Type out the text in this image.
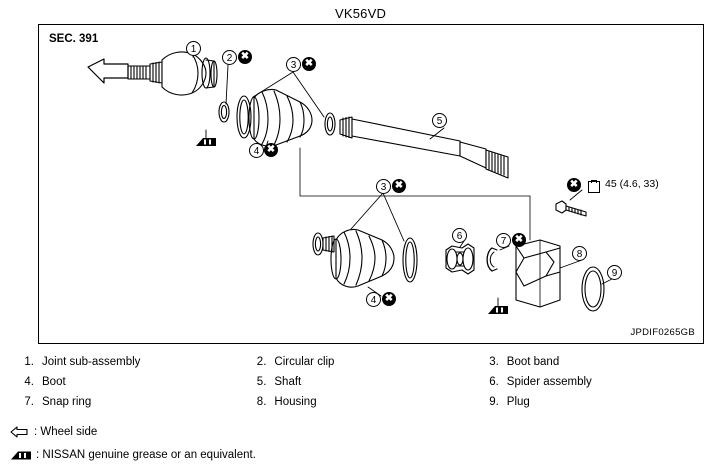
VK56VD
SEC. 391
JPDIF0265GB
1
2
3
5
4
3
6	7
8
9
4
✖
✖
✖
✖
✖
✖
✖	45 (4.6, 33)
1. Joint sub-assembly	2. Circular clip	3. Boot band
4. Boot	5. Shaft	6. Spider assembly
7. Snap ring	8. Housing	9. Plug
: Wheel side
: NISSAN genuine grease or an equivalent.
